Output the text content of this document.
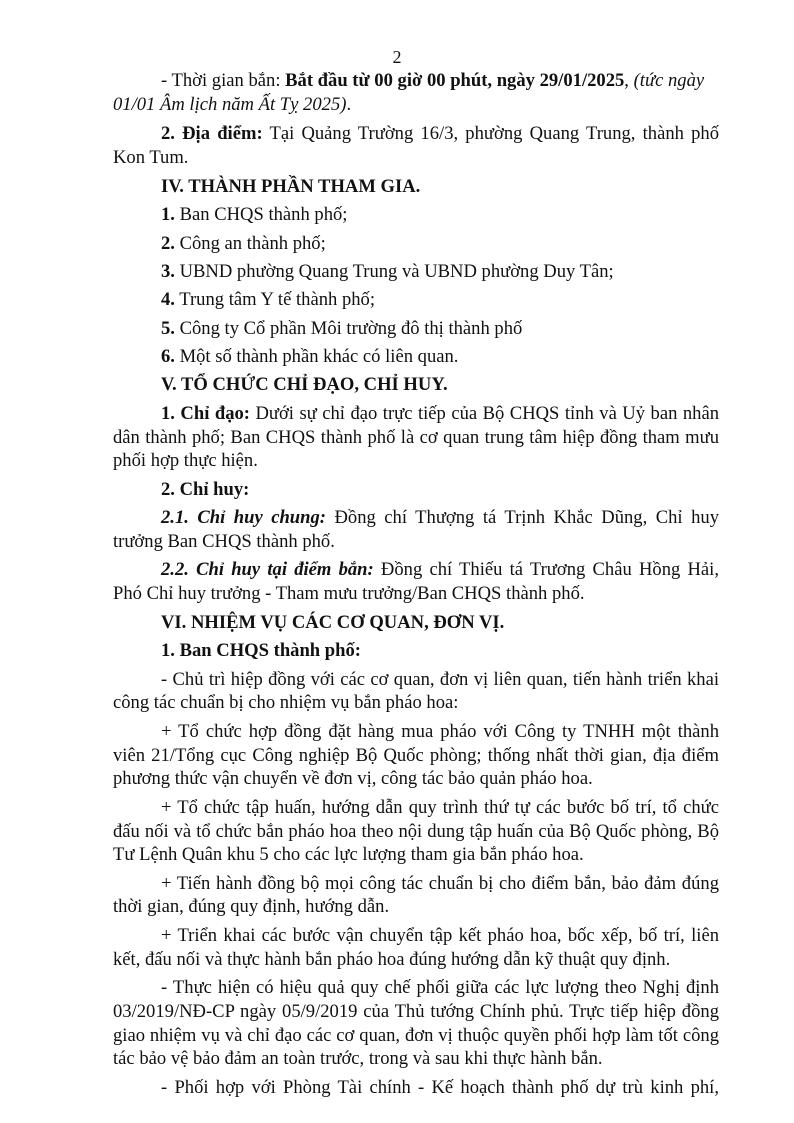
2
- Thời gian bắn: Bắt đầu từ 00 giờ 00 phút, ngày 29/01/2025, (tức ngày
01/01 Âm lịch năm Ất Tỵ 2025).
2. Địa điểm: Tại Quảng Trường 16/3, phường Quang Trung, thành phố
Kon Tum.
IV. THÀNH PHẦN THAM GIA.
1. Ban CHQS thành phố;
2. Công an thành phố;
3. UBND phường Quang Trung và UBND phường Duy Tân;
4. Trung tâm Y tế thành phố;
5. Công ty Cổ phần Môi trường đô thị thành phố
6. Một số thành phần khác có liên quan.
V. TỔ CHỨC CHỈ ĐẠO, CHỈ HUY.
1. Chỉ đạo: Dưới sự chỉ đạo trực tiếp của Bộ CHQS tỉnh và Uỷ ban nhân
dân thành phố; Ban CHQS thành phố là cơ quan trung tâm hiệp đồng tham mưu
phối hợp thực hiện.
2. Chỉ huy:
2.1. Chỉ huy chung: Đồng chí Thượng tá Trịnh Khắc Dũng, Chỉ huy
trưởng Ban CHQS thành phố.
2.2. Chỉ huy tại điểm bắn: Đồng chí Thiếu tá Trương Châu Hồng Hải,
Phó Chỉ huy trưởng - Tham mưu trưởng/Ban CHQS thành phố.
VI. NHIỆM VỤ CÁC CƠ QUAN, ĐƠN VỊ.
1. Ban CHQS thành phố:
- Chủ trì hiệp đồng với các cơ quan, đơn vị liên quan, tiến hành triển khai
công tác chuẩn bị cho nhiệm vụ bắn pháo hoa:
+ Tổ chức hợp đồng đặt hàng mua pháo với Công ty TNHH một thành
viên 21/Tổng cục Công nghiệp Bộ Quốc phòng; thống nhất thời gian, địa điểm
phương thức vận chuyển về đơn vị, công tác bảo quản pháo hoa.
+ Tổ chức tập huấn, hướng dẫn quy trình thứ tự các bước bố trí, tổ chức
đấu nối và tổ chức bắn pháo hoa theo nội dung tập huấn của Bộ Quốc phòng, Bộ
Tư Lệnh Quân khu 5 cho các lực lượng tham gia bắn pháo hoa.
+ Tiến hành đồng bộ mọi công tác chuẩn bị cho điểm bắn, bảo đảm đúng
thời gian, đúng quy định, hướng dẫn.
+ Triển khai các bước vận chuyển tập kết pháo hoa, bốc xếp, bố trí, liên
kết, đấu nối và thực hành bắn pháo hoa đúng hướng dẫn kỹ thuật quy định.
- Thực hiện có hiệu quả quy chế phối giữa các lực lượng theo Nghị định
03/2019/NĐ-CP ngày 05/9/2019 của Thủ tướng Chính phủ. Trực tiếp hiệp đồng
giao nhiệm vụ và chỉ đạo các cơ quan, đơn vị thuộc quyền phối hợp làm tốt công
tác bảo vệ bảo đảm an toàn trước, trong và sau khi thực hành bắn.
- Phối hợp với Phòng Tài chính - Kế hoạch thành phố dự trù kinh phí,
